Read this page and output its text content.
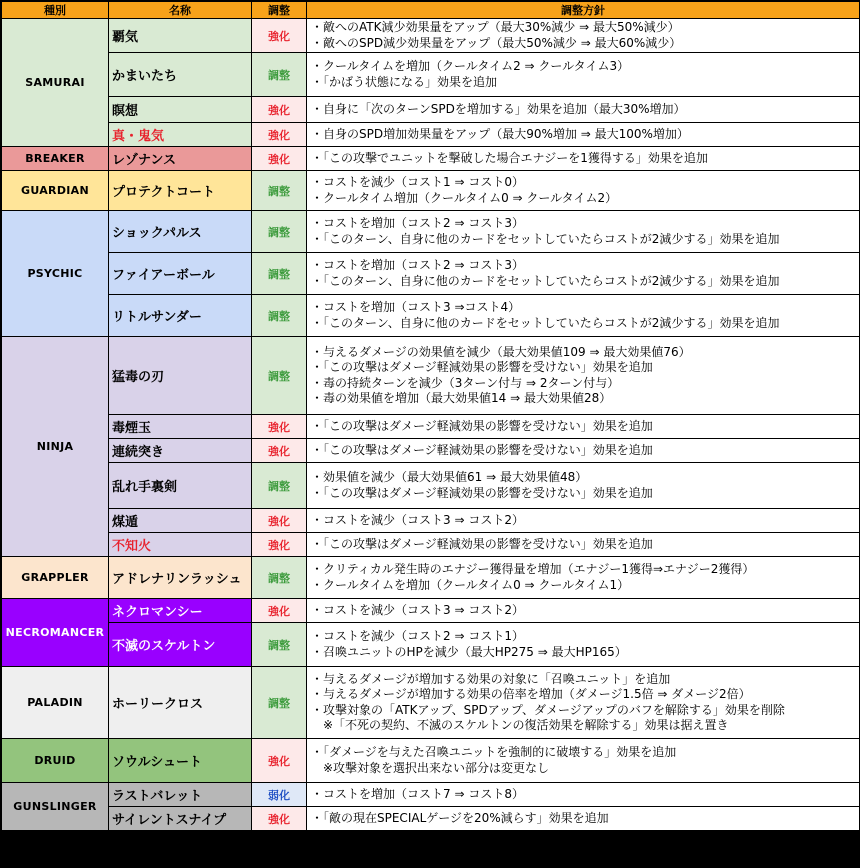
種別	名称	調整	調整方針
SAMURAI	覇気	強化	・敵へのATK減少効果量をアップ（最大30%減少 ⇒ 最大50%減少）
・敵へのSPD減少効果量をアップ（最大50%減少 ⇒ 最大60%減少）

	かまいたち	調整	・クールタイムを増加（クールタイム2 ⇒ クールタイム3）
・「かばう状態になる」効果を追加

	瞑想	強化	・自身に「次のターンSPDを増加する」効果を追加（最大30%増加）

	真・鬼気	強化	・自身のSPD増加効果量をアップ（最大90%増加 ⇒ 最大100%増加）

BREAKER	レゾナンス	強化	・「この攻撃でユニットを撃破した場合エナジーを1獲得する」効果を追加

GUARDIAN	プロテクトコート	調整	・コストを減少（コスト1 ⇒ コスト0）
・クールタイム増加（クールタイム0 ⇒ クールタイム2）

PSYCHIC	ショックパルス	調整	・コストを増加（コスト2 ⇒ コスト3）
・「このターン、自身に他のカードをセットしていたらコストが2減少する」効果を追加

	ファイアーボール	調整	・コストを増加（コスト2 ⇒ コスト3）
・「このターン、自身に他のカードをセットしていたらコストが2減少する」効果を追加

	リトルサンダー	調整	・コストを増加（コスト3 ⇒コスト4）
・「このターン、自身に他のカードをセットしていたらコストが2減少する」効果を追加

NINJA	猛毒の刃	調整	・与えるダメージの効果値を減少（最大効果値109 ⇒ 最大効果値76）
・「この攻撃はダメージ軽減効果の影響を受けない」効果を追加
・毒の持続ターンを減少（3ターン付与 ⇒ 2ターン付与）
・毒の効果値を増加（最大効果値14 ⇒ 最大効果値28）

	毒煙玉	強化	・「この攻撃はダメージ軽減効果の影響を受けない」効果を追加

	連続突き	強化	・「この攻撃はダメージ軽減効果の影響を受けない」効果を追加

	乱れ手裏剣	調整	・効果値を減少（最大効果値61 ⇒ 最大効果値48）
・「この攻撃はダメージ軽減効果の影響を受けない」効果を追加

	煤遁	強化	・コストを減少（コスト3 ⇒ コスト2）

	不知火	強化	・「この攻撃はダメージ軽減効果の影響を受けない」効果を追加

GRAPPLER	アドレナリンラッシュ	調整	・クリティカル発生時のエナジー獲得量を増加（エナジー1獲得⇒エナジー2獲得）
・クールタイムを増加（クールタイム0 ⇒ クールタイム1）

NECROMANCER	ネクロマンシー	強化	・コストを減少（コスト3 ⇒ コスト2）

	不滅のスケルトン	調整	・コストを減少（コスト2 ⇒ コスト1）
・召喚ユニットのHPを減少（最大HP275 ⇒ 最大HP165）

PALADIN	ホーリークロス	調整	・与えるダメージが増加する効果の対象に「召喚ユニット」を追加
・与えるダメージが増加する効果の倍率を増加（ダメージ1.5倍 ⇒ ダメージ2倍）
・攻撃対象の「ATKアップ、SPDアップ、ダメージアップのバフを解除する」効果を削除
　※「不死の契約、不滅のスケルトンの復活効果を解除する」効果は据え置き

DRUID	ソウルシュート	強化	・「ダメージを与えた召喚ユニットを強制的に破壊する」効果を追加
　※攻撃対象を選択出来ない部分は変更なし

GUNSLINGER	ラストバレット	弱化	・コストを増加（コスト7 ⇒ コスト8）

	サイレントスナイプ	強化	・「敵の現在SPECIALゲージを20%減らす」効果を追加
